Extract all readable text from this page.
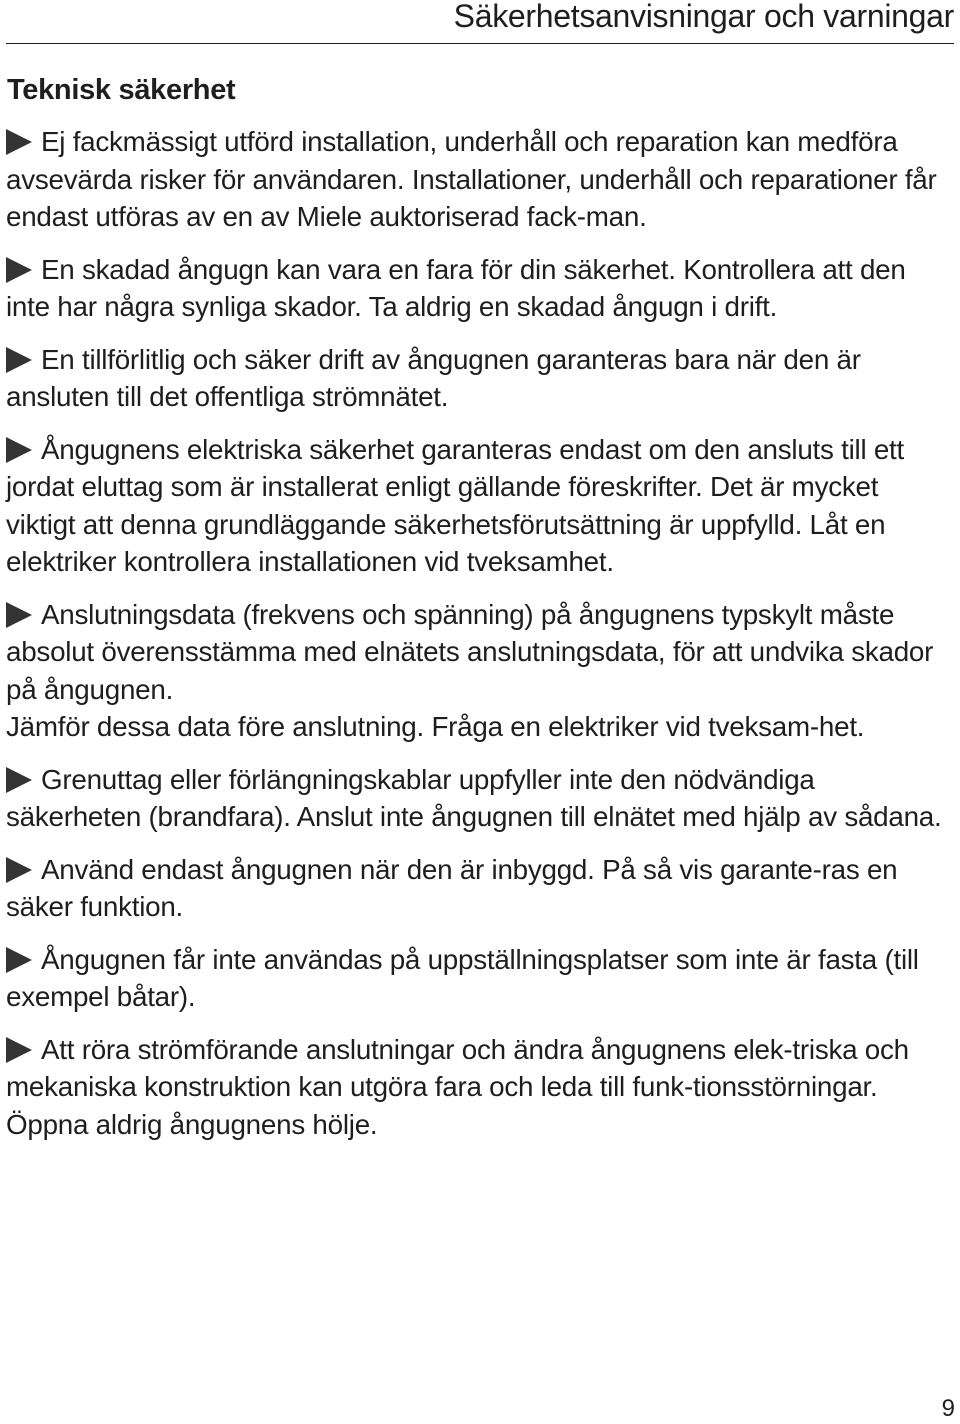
Säkerhetsanvisningar och varningar
Teknisk säkerhet

Ej fackmässigt utförd installation, underhåll och reparation kan medföra avsevärda risker för användaren. Installationer, underhåll och reparationer får endast utföras av en av Miele auktoriserad fack-man.

En skadad ångugn kan vara en fara för din säkerhet. Kontrollera att den inte har några synliga skador. Ta aldrig en skadad ångugn i drift.

En tillförlitlig och säker drift av ångugnen garanteras bara när den är ansluten till det offentliga strömnätet.

Ångugnens elektriska säkerhet garanteras endast om den ansluts till ett jordat eluttag som är installerat enligt gällande föreskrifter. Det är mycket viktigt att denna grundläggande säkerhetsförutsättning är uppfylld. Låt en elektriker kontrollera installationen vid tveksamhet.

Anslutningsdata (frekvens och spänning) på ångugnens typskylt måste absolut överensstämma med elnätets anslutningsdata, för att undvika skador på ångugnen.

Jämför dessa data före anslutning. Fråga en elektriker vid tveksam-het.

Grenuttag eller förlängningskablar uppfyller inte den nödvändiga säkerheten (brandfara). Anslut inte ångugnen till elnätet med hjälp av sådana.

Använd endast ångugnen när den är inbyggd. På så vis garante-ras en säker funktion.

Ångugnen får inte användas på uppställningsplatser som inte är fasta (till exempel båtar).

Att röra strömförande anslutningar och ändra ångugnens elek-triska och mekaniska konstruktion kan utgöra fara och leda till funk-tionsstörningar.

Öppna aldrig ångugnens hölje.

9
